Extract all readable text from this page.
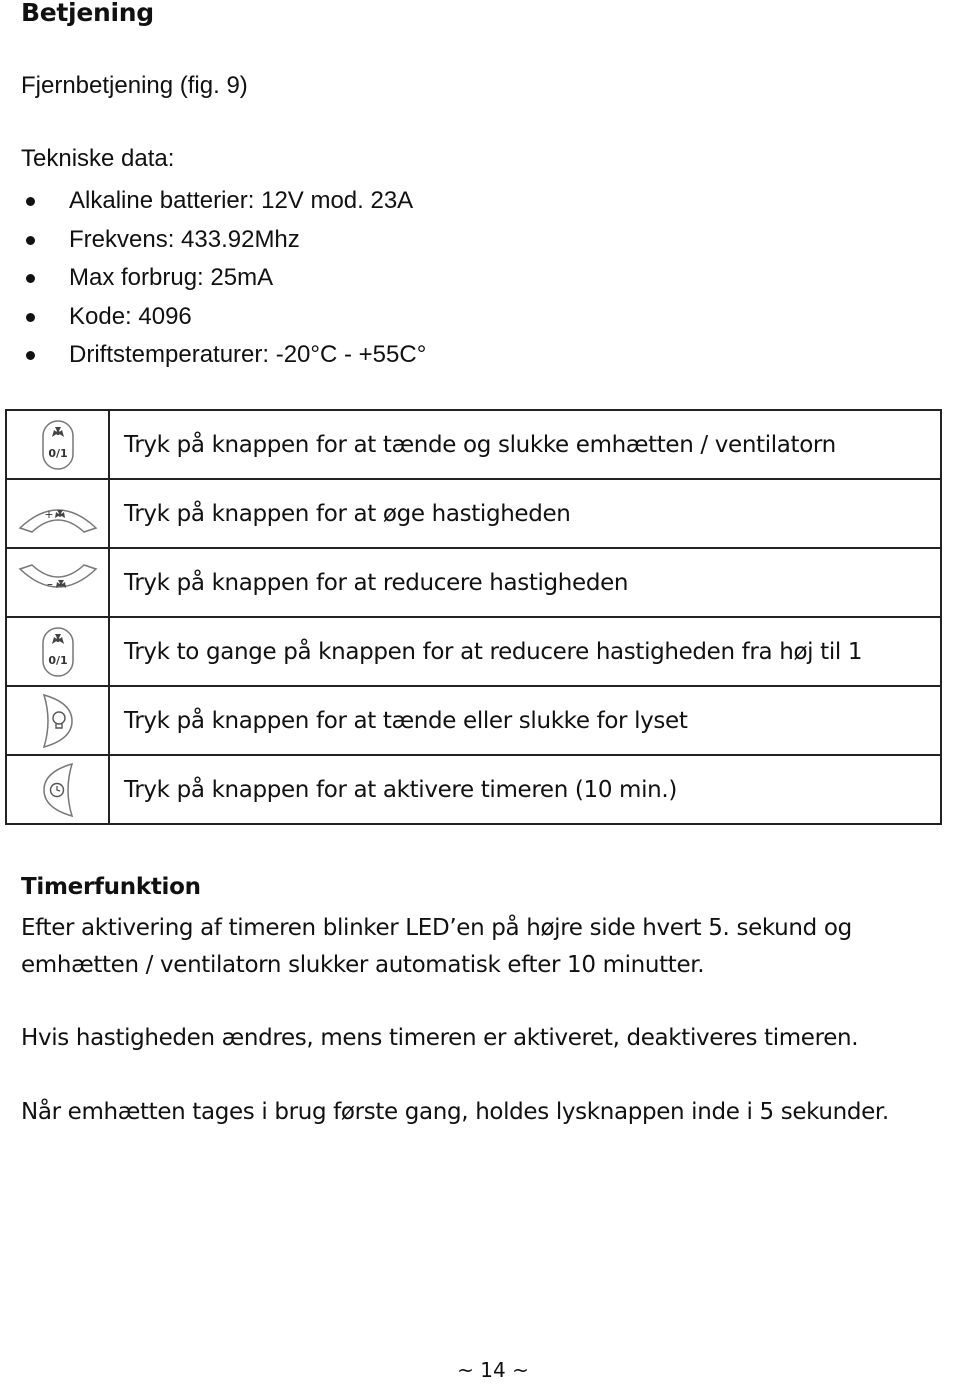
Betjening

Fjernbetjening (fig. 9)

Tekniske data:

Alkaline batterier: 12V mod. 23A
Frekvens: 433.92Mhz
Max forbrug: 25mA
Kode: 4096
Driftstemperaturer: -20°C - +55C°
0/1	Tryk på knappen for at tænde og slukke emhætten / ventilatorn

+	Tryk på knappen for at øge hastigheden

–	Tryk på knappen for at reducere hastigheden

0/1	Tryk to gange på knappen for at reducere hastigheden fra høj til 1

	Tryk på knappen for at tænde eller slukke for lyset

	Tryk på knappen for at aktivere timeren (10 min.)
Timerfunktion

Efter aktivering af timeren blinker LED’en på højre side hvert 5. sekund og

emhætten / ventilatorn slukker automatisk efter 10 minutter.

Hvis hastigheden ændres, mens timeren er aktiveret, deaktiveres timeren.

Når emhætten tages i brug første gang, holdes lysknappen inde i 5 sekunder.

~ 14 ~
